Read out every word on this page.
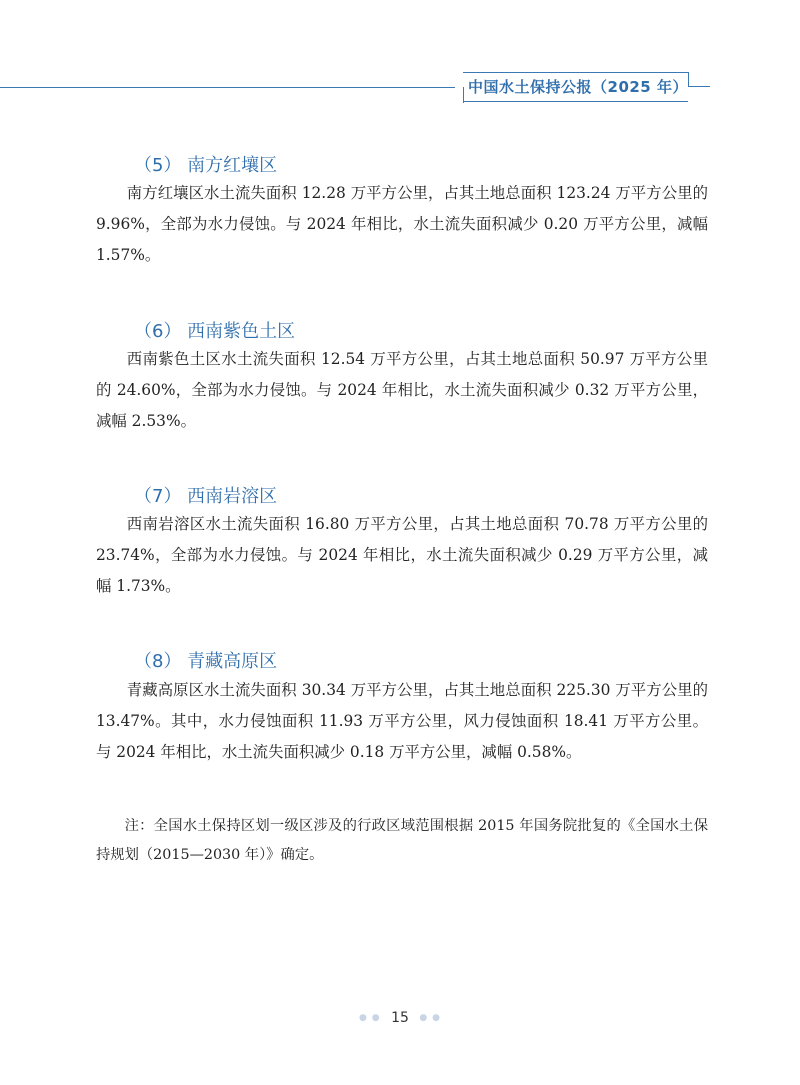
中国水土保持公报（2025 年）
（5） 南方红壤区

南方红壤区水土流失面积 12.28 万平方公里，占其土地总面积 123.24 万平方公里的 9.96%，全部为水力侵蚀。与 2024 年相比，水土流失面积减少 0.20 万平方公里，减幅 1.57%。

（6） 西南紫色土区

西南紫色土区水土流失面积 12.54 万平方公里，占其土地总面积 50.97 万平方公里的 24.60%，全部为水力侵蚀。与 2024 年相比，水土流失面积减少 0.32 万平方公里，减幅 2.53%。

（7） 西南岩溶区

西南岩溶区水土流失面积 16.80 万平方公里，占其土地总面积 70.78 万平方公里的 23.74%，全部为水力侵蚀。与 2024 年相比，水土流失面积减少 0.29 万平方公里，减幅 1.73%。

（8） 青藏高原区

青藏高原区水土流失面积 30.34 万平方公里，占其土地总面积 225.30 万平方公里的 13.47%。其中，水力侵蚀面积 11.93 万平方公里，风力侵蚀面积 18.41 万平方公里。与 2024 年相比，水土流失面积减少 0.18 万平方公里，减幅 0.58%。

注：全国水土保持区划一级区涉及的行政区域范围根据 2015 年国务院批复的《全国水土保持规划（2015—2030 年）》确定。

● ● 15 ● ●
